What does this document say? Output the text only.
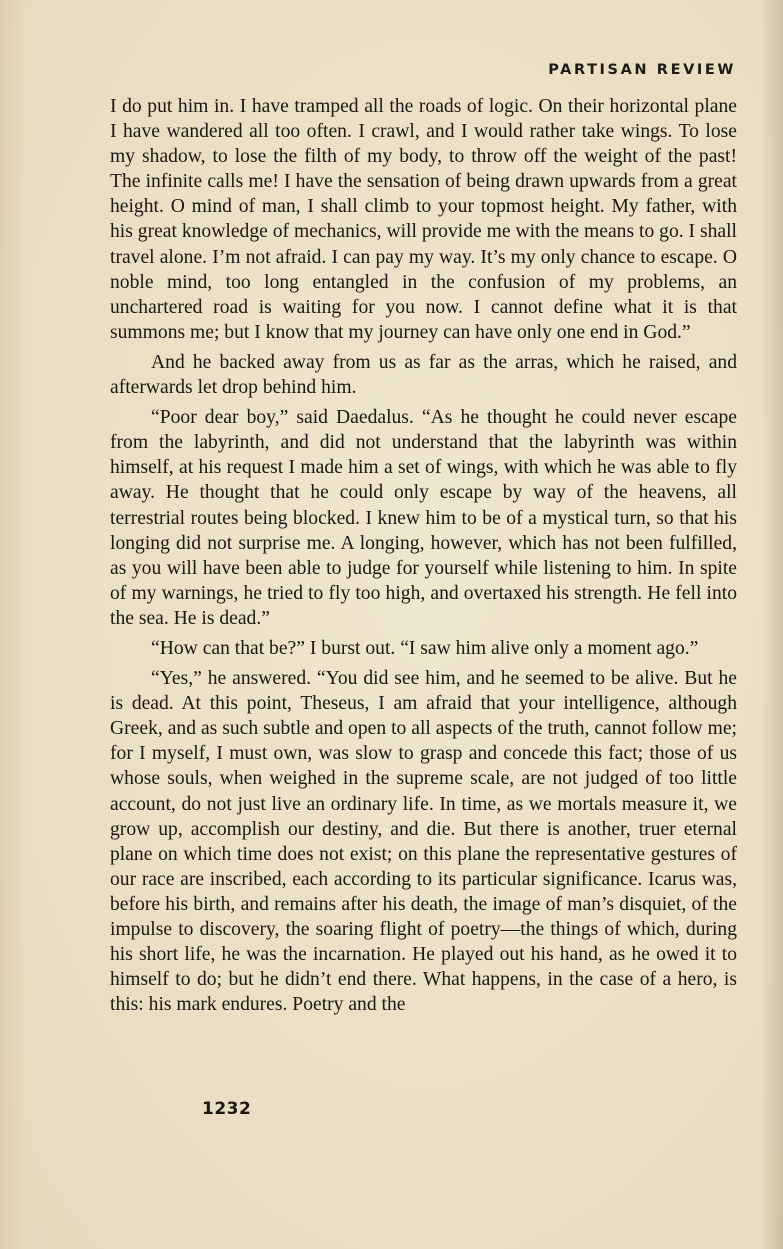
PARTISAN REVIEW

I do put him in. I have tramped all the roads of logic. On their horizontal plane I have wandered all too often. I crawl, and I would rather take wings. To lose my shadow, to lose the filth of my body, to throw off the weight of the past! The infinite calls me! I have the sensation of being drawn upwards from a great height. O mind of man, I shall climb to your topmost height. My father, with his great knowledge of mechanics, will provide me with the means to go. I shall travel alone. I’m not afraid. I can pay my way. It’s my only chance to escape. O noble mind, too long entangled in the confusion of my problems, an unchartered road is waiting for you now. I cannot define what it is that summons me; but I know that my journey can have only one end in God.”

And he backed away from us as far as the arras, which he raised, and afterwards let drop behind him.

“Poor dear boy,” said Daedalus. “As he thought he could never escape from the labyrinth, and did not understand that the labyrinth was within himself, at his request I made him a set of wings, with which he was able to fly away. He thought that he could only escape by way of the heavens, all terrestrial routes being blocked. I knew him to be of a mystical turn, so that his longing did not surprise me. A longing, however, which has not been fulfilled, as you will have been able to judge for yourself while listening to him. In spite of my warnings, he tried to fly too high, and overtaxed his strength. He fell into the sea. He is dead.”

“How can that be?” I burst out. “I saw him alive only a moment ago.”

“Yes,” he answered. “You did see him, and he seemed to be alive. But he is dead. At this point, Theseus, I am afraid that your intelligence, although Greek, and as such subtle and open to all aspects of the truth, cannot follow me; for I myself, I must own, was slow to grasp and concede this fact; those of us whose souls, when weighed in the supreme scale, are not judged of too little account, do not just live an ordinary life. In time, as we mortals measure it, we grow up, accomplish our destiny, and die. But there is another, truer eternal plane on which time does not exist; on this plane the representative gestures of our race are inscribed, each according to its particular significance. Icarus was, before his birth, and remains after his death, the image of man’s disquiet, of the impulse to discovery, the soaring flight of poetry—the things of which, during his short life, he was the incarnation. He played out his hand, as he owed it to himself to do; but he didn’t end there. What happens, in the case of a hero, is this: his mark endures. Poetry and the

1232
